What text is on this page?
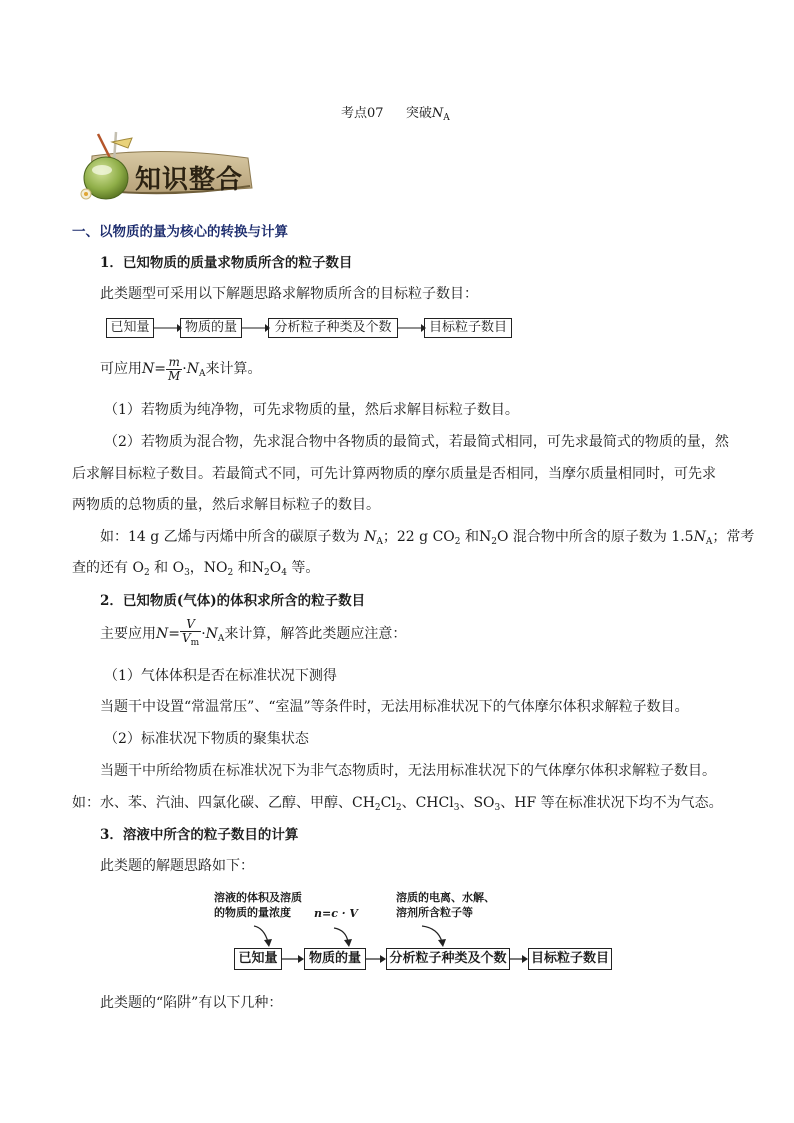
考点07 突破$N_A$
知识整合
一、以物质的量为核心的转换与计算
1．已知物质的质量求物质所含的粒子数目
此类题型可采用以下解题思路求解物质所含的目标粒子数目：
已知量	物质的量	分析粒子种类及个数	目标粒子数目
可应用$N= \frac{m}{M} \cdot N_A$来计算。
（1）若物质为纯净物，可先求物质的量，然后求解目标粒子数目。
（2）若物质为混合物，先求混合物中各物质的最简式，若最简式相同，可先求最简式的物质的量，然
后求解目标粒子数目。若最简式不同，可先计算两物质的摩尔质量是否相同，当摩尔质量相同时，可先求
两物质的总物质的量，然后求解目标粒子的数目。
如：14 g 乙烯与丙烯中所含的碳原子数为 $N_A$；22 g $CO_2$ 和$N_2O$ 混合物中所含的原子数为 $1.5N_A$；常考
查的还有 $O_2$ 和 $O_3$，$NO_2$ 和$N_2O_4$ 等。
2．已知物质(气体)的体积求所含的粒子数目
主要应用$N= \frac{V}{V_m} \cdot N_A$来计算，解答此类题应注意：
（1）气体体积是否在标准状况下测得
当题干中设置“常温常压”、“室温”等条件时，无法用标准状况下的气体摩尔体积求解粒子数目。
（2）标准状况下物质的聚集状态
当题干中所给物质在标准状况下为非气态物质时，无法用标准状况下的气体摩尔体积求解粒子数目。
如：水、苯、汽油、四氯化碳、乙醇、甲醇、$CH_2Cl_2$、CHCl$_3$、$SO_3$、HF 等在标准状况下均不为气态。
3．溶液中所含的粒子数目的计算
此类题的解题思路如下：
溶液的体积及溶质
的物质的量浓度	n=c · V
溶质的电离、水解、
溶剂所含粒子等
已知量	物质的量	分析粒子种类及个数 目标粒子数目
此类题的“陷阱”有以下几种：
